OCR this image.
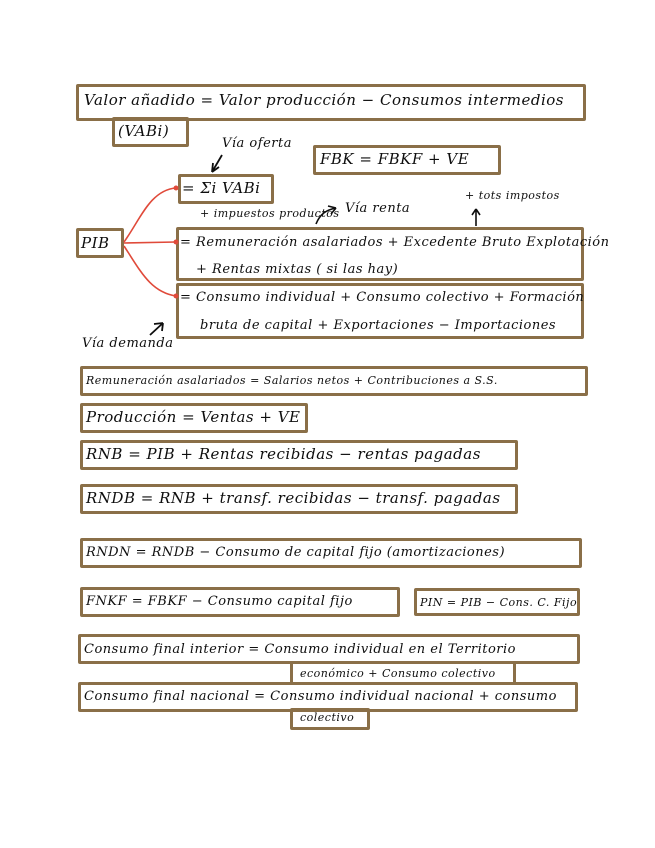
Valor añadido = Valor producción − Consumos intermedios
(VABi)
Vía oferta
FBK = FBKF + VE
= Σi VABi
+ impuestos productos Vía renta
+ tots impostos
PIB	= Remuneración asalariados + Excedente Bruto Explotación
+ Rentas mixtas ( si las hay)
= Consumo individual + Consumo colectivo + Formación
bruta de capital + Exportaciones − Importaciones
Vía demanda
Remuneración asalariados = Salarios netos + Contribuciones a S.S.
Producción = Ventas + VE
RNB = PIB + Rentas recibidas − rentas pagadas
RNDB = RNB + transf. recibidas − transf. pagadas
RNDN = RNDB − Consumo de capital fijo (amortizaciones)
FNKF = FBKF − Consumo capital fijo	PIN = PIB − Cons. C. Fijo
Consumo final interior = Consumo individual en el Territorio
económico + Consumo colectivo
Consumo final nacional = Consumo individual nacional + consumo
colectivo
